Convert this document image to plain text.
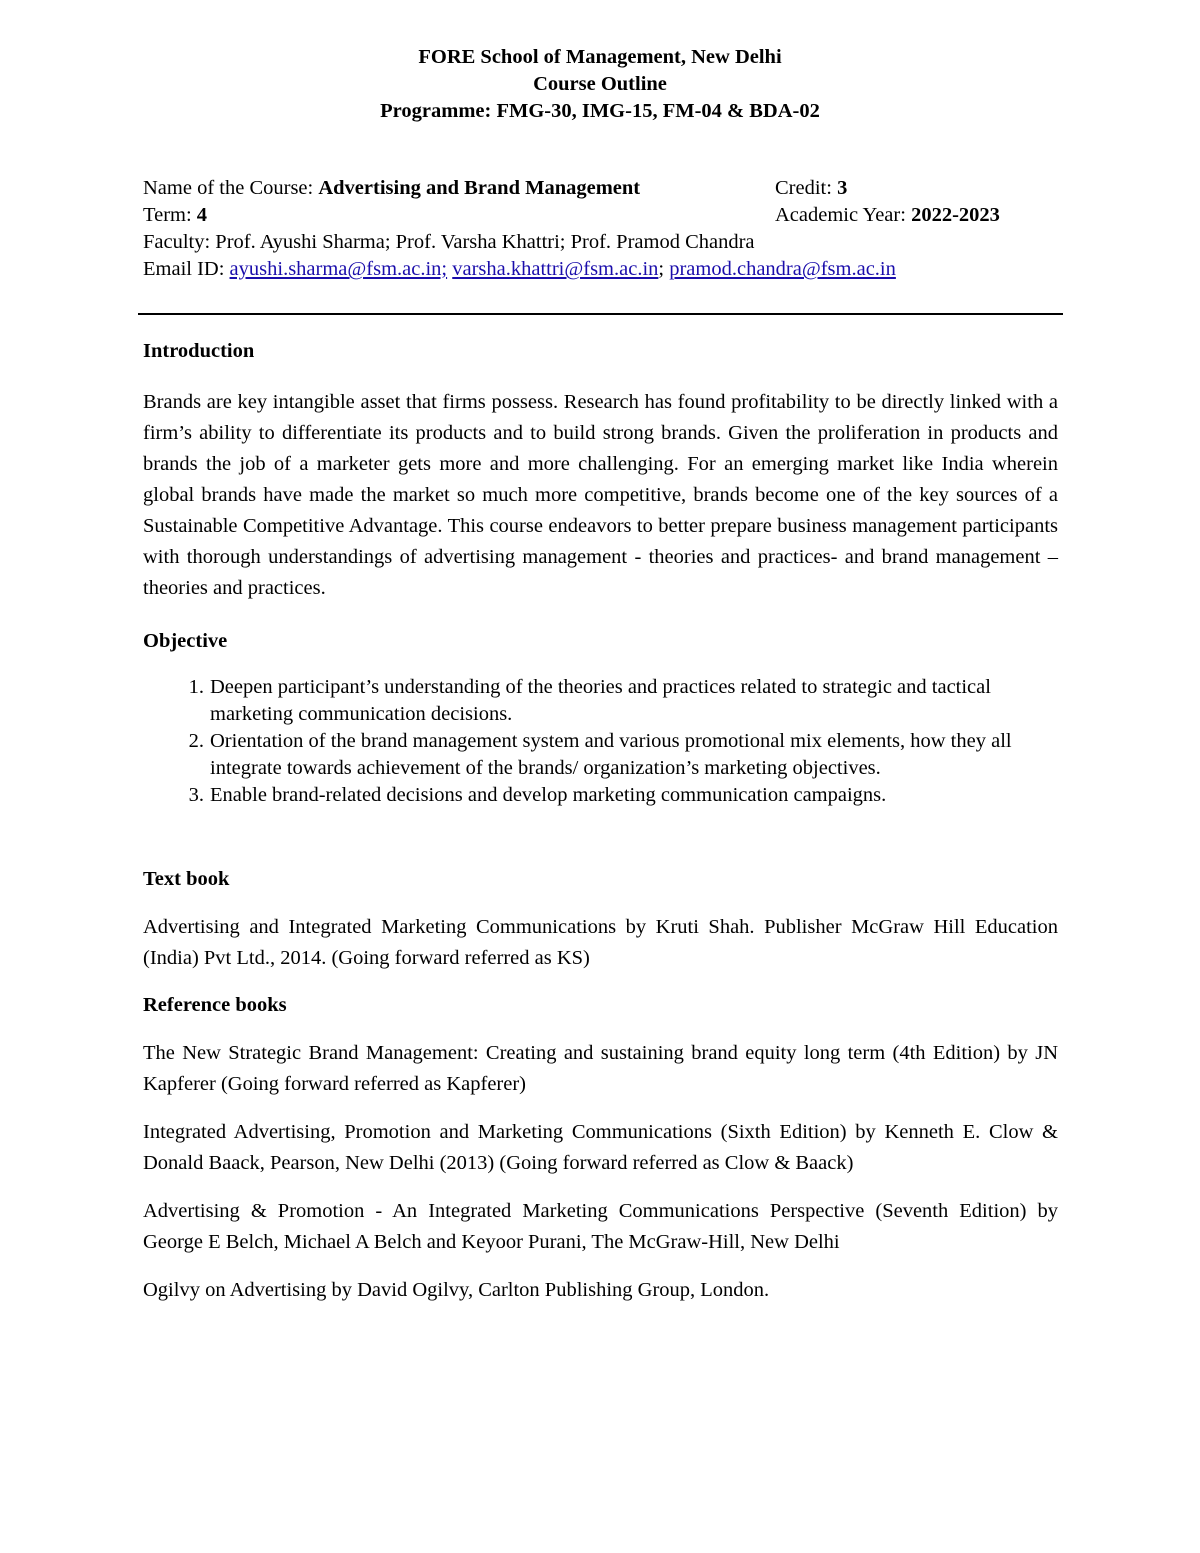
FORE School of Management, New Delhi
Course Outline
Programme: FMG-30, IMG-15, FM-04 & BDA-02
Name of the Course: Advertising and Brand Management	Credit: 3
Term: 4	Academic Year: 2022-2023
Faculty: Prof. Ayushi Sharma; Prof. Varsha Khattri; Prof. Pramod Chandra
Email ID: ayushi.sharma@fsm.ac.in; varsha.khattri@fsm.ac.in; pramod.chandra@fsm.ac.in
Introduction

Brands are key intangible asset that firms possess. Research has found profitability to be directly linked with a firm’s ability to differentiate its products and to build strong brands. Given the proliferation in products and brands the job of a marketer gets more and more challenging. For an emerging market like India wherein global brands have made the market so much more competitive, brands become one of the key sources of a Sustainable Competitive Advantage. This course endeavors to better prepare business management participants with thorough understandings of advertising management - theories and practices- and brand management – theories and practices.

Objective
1. Deepen participant’s understanding of the theories and practices related to strategic and tactical marketing communication decisions.
2. Orientation of the brand management system and various promotional mix elements, how they all integrate towards achievement of the brands/ organization’s marketing objectives.
3. Enable brand-related decisions and develop marketing communication campaigns.
Text book

Advertising and Integrated Marketing Communications by Kruti Shah. Publisher McGraw Hill Education (India) Pvt Ltd., 2014. (Going forward referred as KS)

Reference books

The New Strategic Brand Management: Creating and sustaining brand equity long term (4th Edition) by JN Kapferer (Going forward referred as Kapferer)

Integrated Advertising, Promotion and Marketing Communications (Sixth Edition) by Kenneth E. Clow & Donald Baack, Pearson, New Delhi (2013) (Going forward referred as Clow & Baack)

Advertising & Promotion - An Integrated Marketing Communications Perspective (Seventh Edition) by George E Belch, Michael A Belch and Keyoor Purani, The McGraw-Hill, New Delhi

Ogilvy on Advertising by David Ogilvy, Carlton Publishing Group, London.
